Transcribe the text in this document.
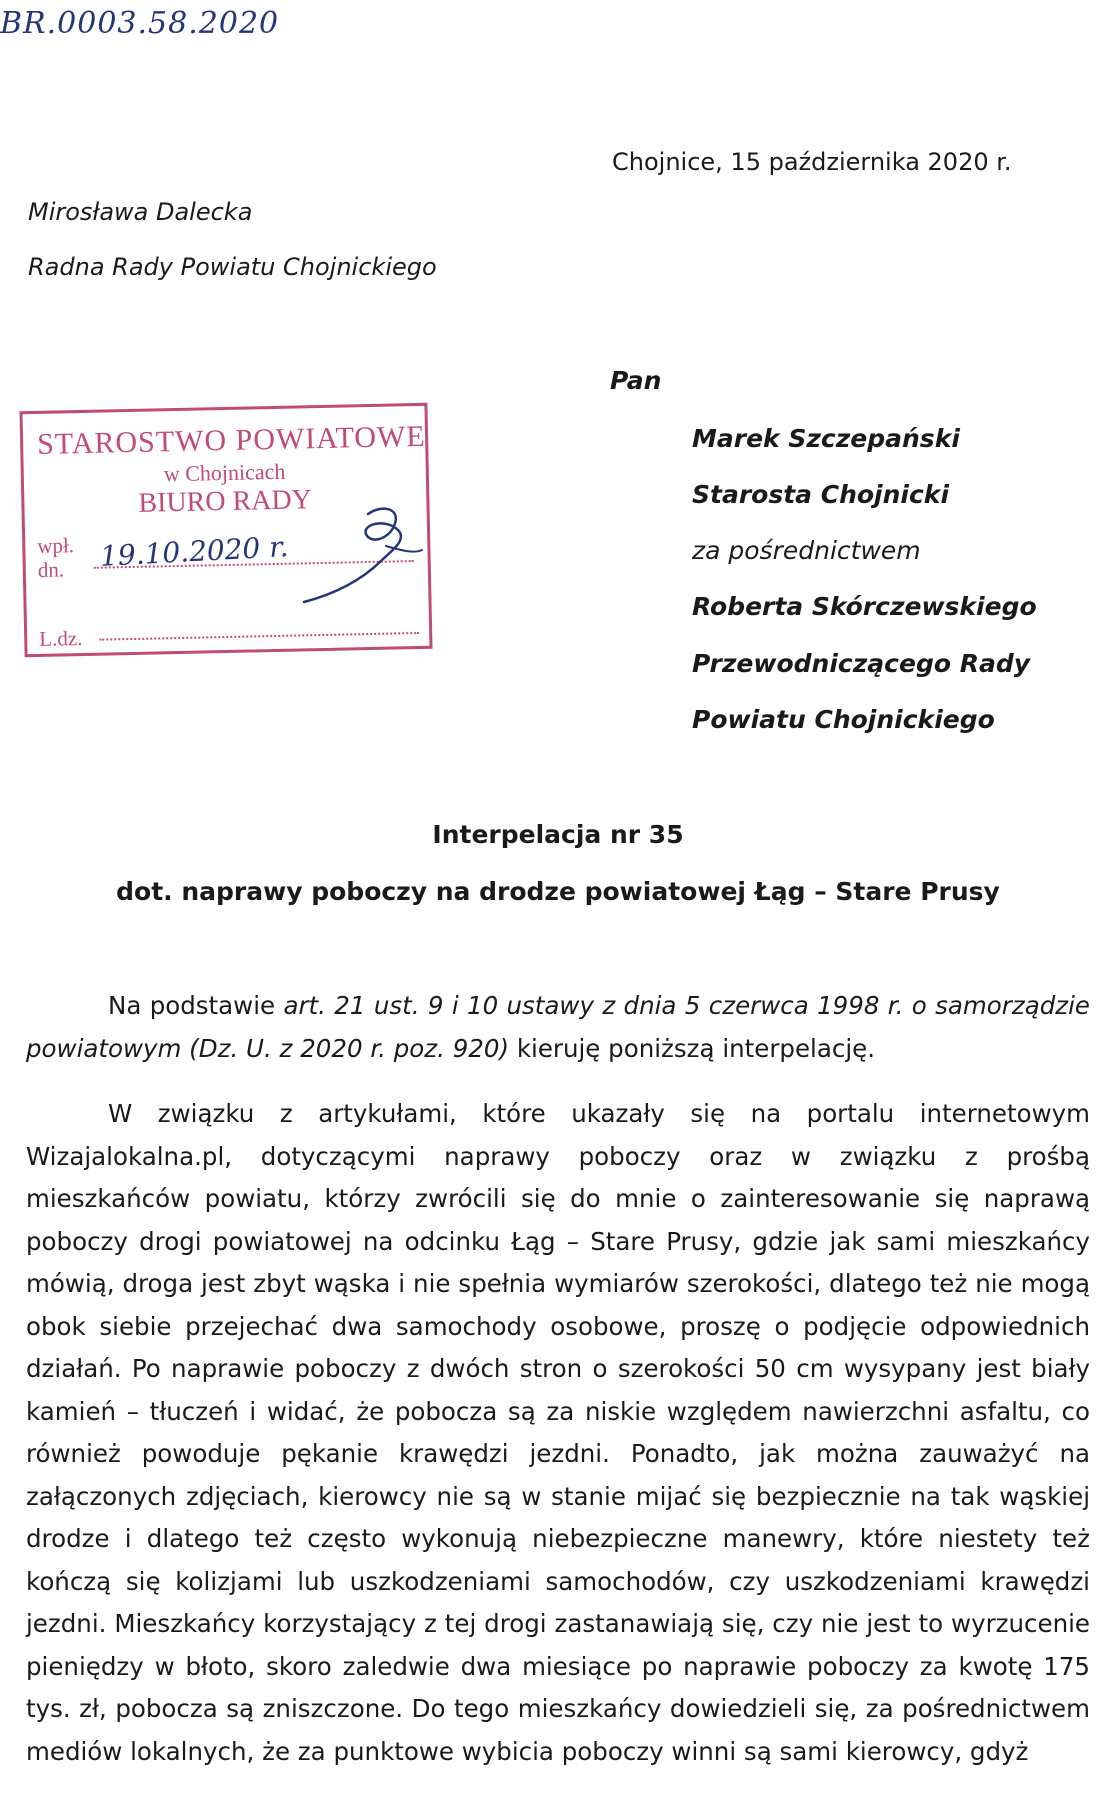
BR.0003.58.2020
Chojnice, 15 października 2020 r.
Mirosława Dalecka
Radna Rady Powiatu Chojnickiego
Pan
Marek Szczepański
Starosta Chojnicki
za pośrednictwem
Roberta Skórczewskiego
Przewodniczącego Rady
Powiatu Chojnickiego
STAROSTWO POWIATOWE
w Chojnicach
BIURO RADY
wpł.
dn.
L.dz.
19.10.2020 r.
Interpelacja nr 35
dot. naprawy poboczy na drodze powiatowej Łąg – Stare Prusy
Na podstawie art. 21 ust. 9 i 10 ustawy z dnia 5 czerwca 1998 r. o samorządzie powiatowym (Dz. U. z 2020 r. poz. 920) kieruję poniższą interpelację.
W związku z artykułami, które ukazały się na portalu internetowym Wizajalokalna.pl, dotyczącymi naprawy poboczy oraz w związku z prośbą mieszkańców powiatu, którzy zwrócili się do mnie o zainteresowanie się naprawą poboczy drogi powiatowej na odcinku Łąg – Stare Prusy, gdzie jak sami mieszkańcy mówią, droga jest zbyt wąska i nie spełnia wymiarów szerokości, dlatego też nie mogą obok siebie przejechać dwa samochody osobowe, proszę o podjęcie odpowiednich działań. Po naprawie poboczy z dwóch stron o szerokości 50 cm wysypany jest biały kamień – tłuczeń i widać, że pobocza są za niskie względem nawierzchni asfaltu, co również powoduje pękanie krawędzi jezdni. Ponadto, jak można zauważyć na załączonych zdjęciach, kierowcy nie są w stanie mijać się bezpiecznie na tak wąskiej drodze i dlatego też często wykonują niebezpieczne manewry, które niestety też kończą się kolizjami lub uszkodzeniami samochodów, czy uszkodzeniami krawędzi jezdni. Mieszkańcy korzystający z tej drogi zastanawiają się, czy nie jest to wyrzucenie pieniędzy w błoto, skoro zaledwie dwa miesiące po naprawie poboczy za kwotę 175 tys. zł, pobocza są zniszczone. Do tego mieszkańcy dowiedzieli się, za pośrednictwem mediów lokalnych, że za punktowe wybicia poboczy winni są sami kierowcy, gdyż
